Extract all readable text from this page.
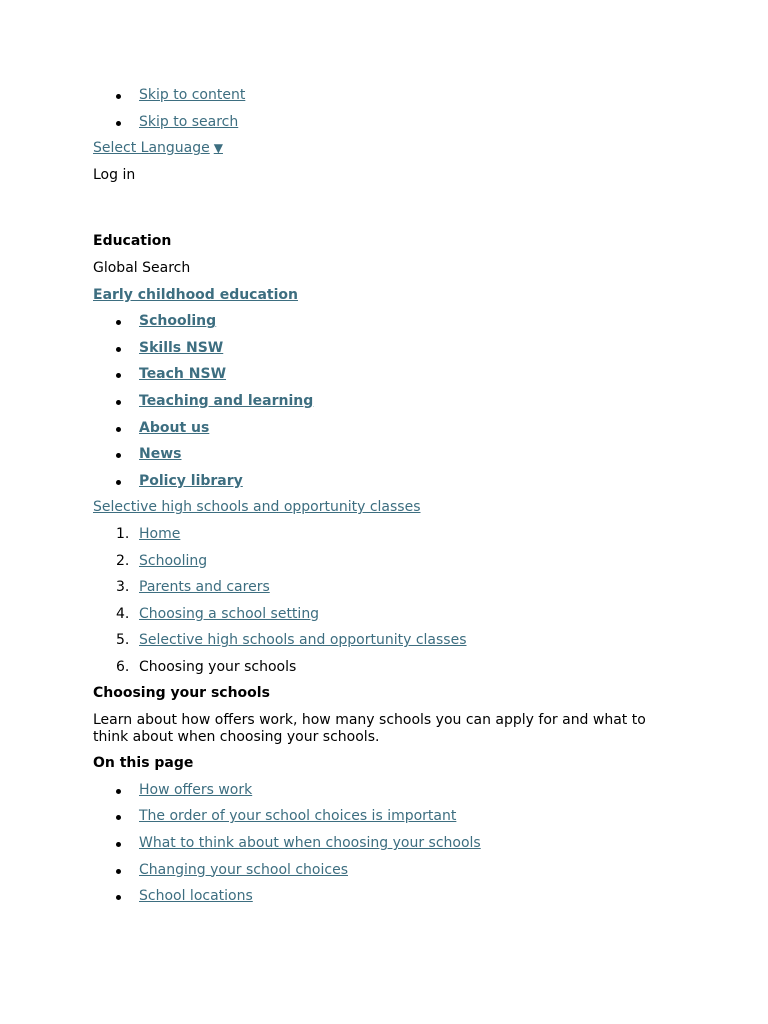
Skip to content
Skip to search
Select Language ▼
Log in
Education
Global Search
Early childhood education
Schooling
Skills NSW
Teach NSW
Teaching and learning
About us
News
Policy library
Selective high schools and opportunity classes
1. Home
2. Schooling
3. Parents and carers
4. Choosing a school setting
5. Selective high schools and opportunity classes
6. Choosing your schools
Choosing your schools
Learn about how offers work, how many schools you can apply for and what to think about when choosing your schools.
On this page
How offers work
The order of your school choices is important
What to think about when choosing your schools
Changing your school choices
School locations
